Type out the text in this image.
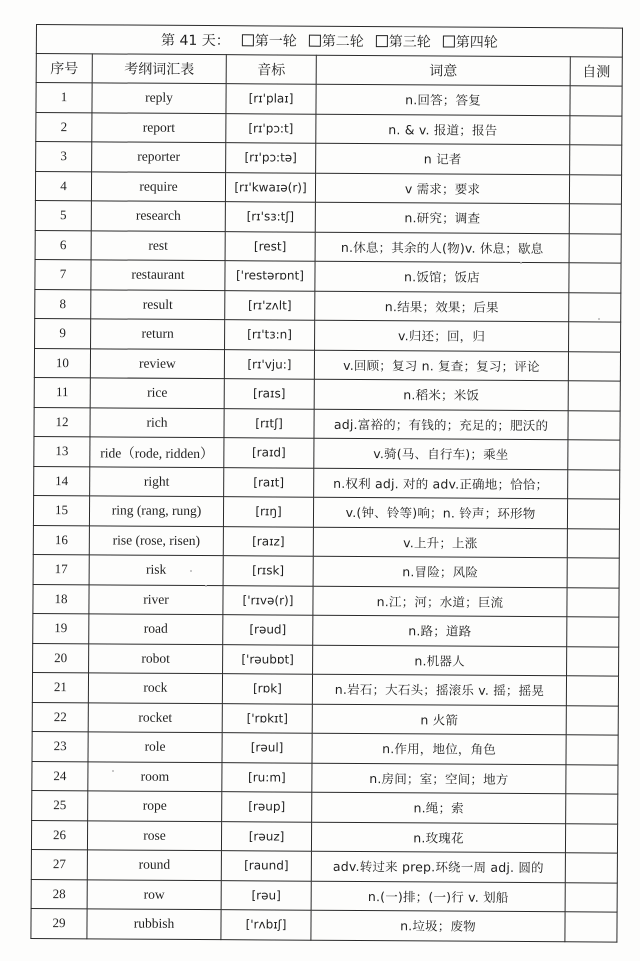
第 41 天： 第一轮 第二轮 第三轮 第四轮				
序号	考纲词汇表	音标	词意	自测
1	reply	[rɪ'plaɪ]	n.回答；答复	
2	report	[rɪ'pɔ:t]	n. & v. 报道；报告	
3	reporter	[rɪ'pɔ:tə]	n 记者	
4	require	[rɪ'kwaɪə(r)]	v 需求；要求	
5	research	[rɪ'sɜ:tʃ]	n.研究；调查	
6	rest	[rest]	n.休息；其余的人(物)v. 休息；歇息	
7	restaurant	['restərɒnt]	n.饭馆；饭店	
8	result	[rɪ'zʌlt]	n.结果；效果；后果	
9	return	[rɪ'tɜ:n]	v.归还；回，归	
10	review	[rɪ'vju:]	v.回顾；复习 n. 复查；复习；评论	
11	rice	[raɪs]	n.稻米；米饭	
12	rich	[rɪtʃ]	adj.富裕的；有钱的；充足的；肥沃的	
13	ride（rode, ridden）	[raɪd]	v.骑(马、自行车)；乘坐	
14	right	[raɪt]	n.权利 adj. 对的 adv.正确地；恰恰；	
15	ring (rang, rung)	[rɪŋ]	v.(钟、铃等)响；n. 铃声；环形物	
16	rise (rose, risen)	[raɪz]	v.上升；上涨	
17	risk	[rɪsk]	n.冒险；风险	
18	river	['rɪvə(r)]	n.江；河；水道；巨流	
19	road	[rəud]	n.路；道路	
20	robot	['rəubɒt]	n.机器人	
21	rock	[rɒk]	n.岩石；大石头；摇滚乐 v. 摇；摇晃	
22	rocket	['rɒkɪt]	n 火箭	
23	role	[rəul]	n.作用，地位，角色	
24	room	[ru:m]	n.房间；室；空间；地方	
25	rope	[rəup]	n.绳；索	
26	rose	[rəuz]	n.玫瑰花	
27	round	[raund]	adv.转过来 prep.环绕一周 adj. 圆的	
28	row	[rəu]	n.(一)排；(一)行 v. 划船	
29	rubbish	['rʌbɪʃ]	n.垃圾；废物	
